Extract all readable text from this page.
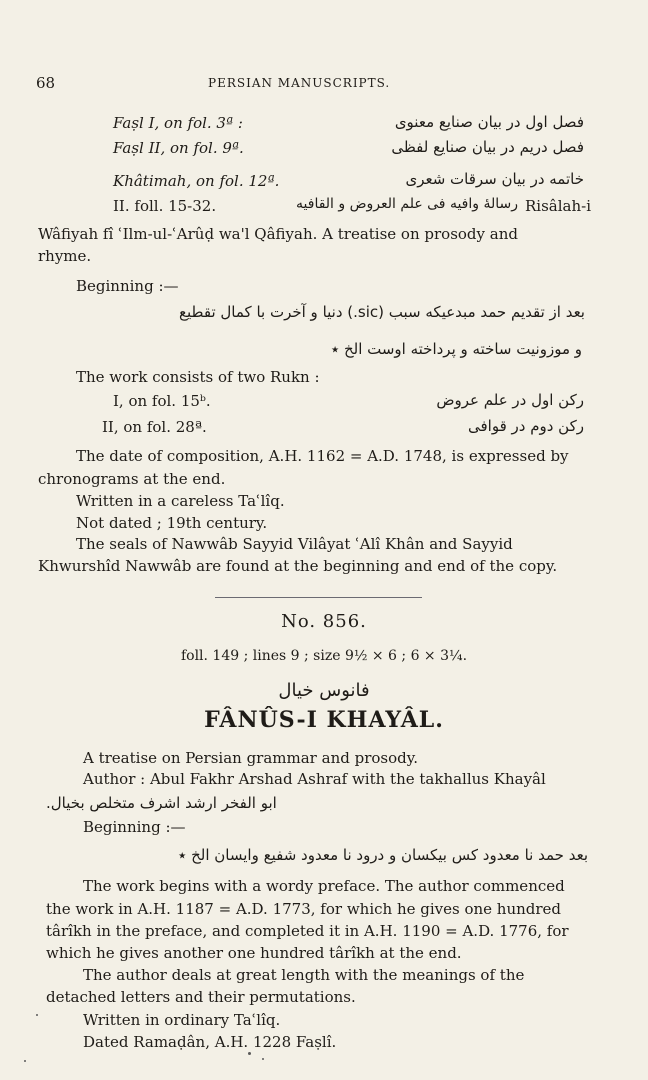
68	PERSIAN MANUSCRIPTS.
Faṣl I, on fol. 3ª :	فصل اول در بیان صنایع معنوی
Faṣl II, on fol. 9ª.	فصل دریم در بیان صنایع لفظی
Khâtimah, on fol. 12ª.	خاتمه در بیان سرقات شعری
II. foll. 15-32.	رسالهٔ وافیه فی علم العروض و القافیه Risâlah-i
Wâfiyah fî ʿIlm-ul-ʿArûḍ wa'l Qâfiyah. A treatise on prosody and
rhyme.
Beginning :—
بعد از تقدیم حمد مبدعیکه سبب (sic.) دنیا و آخرت با کمال تقطیع
و موزونیت ساخته و پرداخته اوست الخ ٭
The work consists of two Rukn :
I, on fol. 15ᵇ.	رکن اول در علم عروض
II, on fol. 28ª.	رکن دوم در قوافی
The date of composition, A.H. 1162 = A.D. 1748, is expressed by
chronograms at the end.
Written in a careless Taʿlîq.
Not dated ; 19th century.
The seals of Nawwâb Sayyid Vilâyat ʿAlî Khân and Sayyid
Khwurshîd Nawwâb are found at the beginning and end of the copy.
No. 856.
foll. 149 ; lines 9 ; size 9½ × 6 ; 6 × 3¼.
فانوس خیال
FÂNÛS-I KHAYÂL.
A treatise on Persian grammar and prosody.
Author : Abul Fakhr Arshad Ashraf with the takhallus Khayâl
ابو الفخر ارشد اشرف متخلص بخیال.
Beginning :—
بعد حمد نا معدود کس بیکسان و درود نا معدود شفیع وایسان الخ ٭
The work begins with a wordy preface. The author commenced
the work in A.H. 1187 = A.D. 1773, for which he gives one hundred
târîkh in the preface, and completed it in A.H. 1190 = A.D. 1776, for
which he gives another one hundred târîkh at the end.
The author deals at great length with the meanings of the
detached letters and their permutations.
Written in ordinary Taʿlîq.
Dated Ramaḍân, A.H. 1228 Faṣlî.
